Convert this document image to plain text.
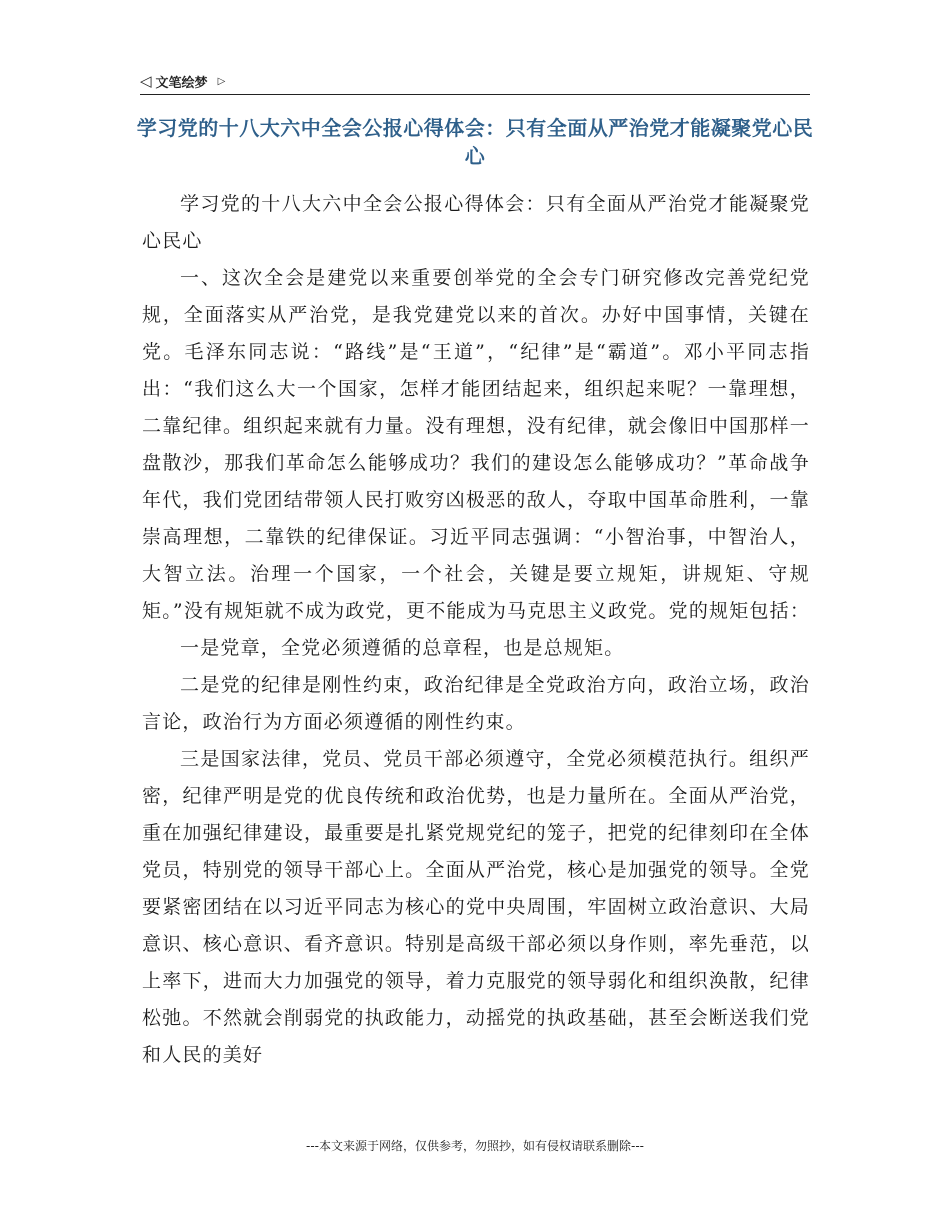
◁ 文笔绘梦 ▷
学习党的十八大六中全会公报心得体会：只有全面从严治党才能凝聚党心民心

学习党的十八大六中全会公报心得体会：只有全面从严治党才能凝聚党心民心

一、这次全会是建党以来重要创举党的全会专门研究修改完善党纪党规，全面落实从严治党，是我党建党以来的首次。办好中国事情，关键在党。毛泽东同志说：“路线”是“王道”，“纪律”是“霸道”。邓小平同志指出：“我们这么大一个国家，怎样才能团结起来，组织起来呢？一靠理想，二靠纪律。组织起来就有力量。没有理想，没有纪律，就会像旧中国那样一盘散沙，那我们革命怎么能够成功？我们的建设怎么能够成功？”革命战争年代，我们党团结带领人民打败穷凶极恶的敌人，夺取中国革命胜利，一靠崇高理想，二靠铁的纪律保证。习近平同志强调：“小智治事，中智治人，大智立法。治理一个国家，一个社会，关键是要立规矩，讲规矩、守规矩。”没有规矩就不成为政党，更不能成为马克思主义政党。党的规矩包括：

一是党章，全党必须遵循的总章程，也是总规矩。

二是党的纪律是刚性约束，政治纪律是全党政治方向，政治立场，政治言论，政治行为方面必须遵循的刚性约束。

三是国家法律，党员、党员干部必须遵守，全党必须模范执行。组织严密，纪律严明是党的优良传统和政治优势，也是力量所在。全面从严治党，重在加强纪律建设，最重要是扎紧党规党纪的笼子，把党的纪律刻印在全体党员，特别党的领导干部心上。全面从严治党，核心是加强党的领导。全党要紧密团结在以习近平同志为核心的党中央周围，牢固树立政治意识、大局意识、核心意识、看齐意识。特别是高级干部必须以身作则，率先垂范，以上率下，进而大力加强党的领导，着力克服党的领导弱化和组织涣散，纪律松弛。不然就会削弱党的执政能力，动摇党的执政基础，甚至会断送我们党和人民的美好

---本文来源于网络，仅供参考，勿照抄，如有侵权请联系删除---
